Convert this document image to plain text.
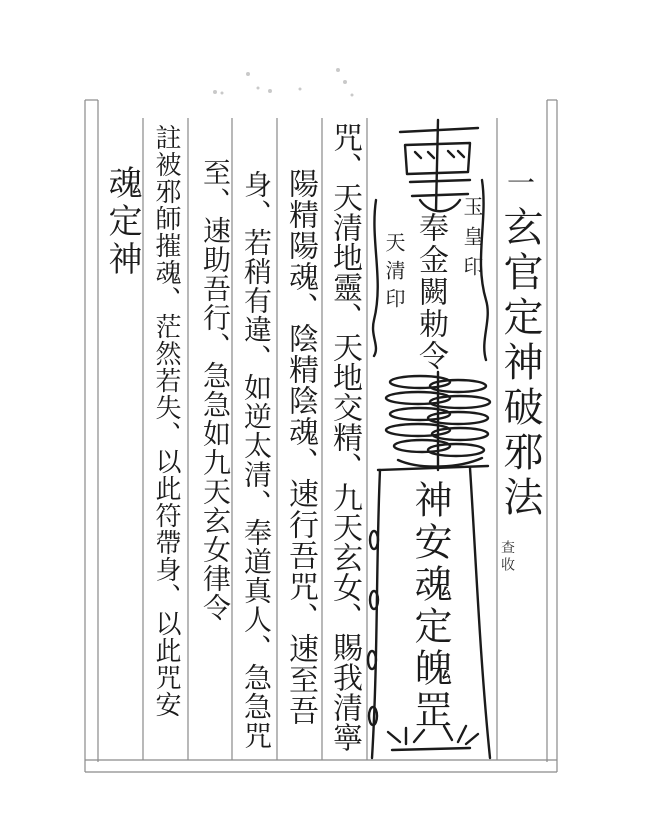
一
玄官定神破邪法
查收
玉皇印
奉金闕勅令
天清印
神安魂定魄
罡
咒、天清地靈、天地交精、九天玄女、賜我清寧
陽精陽魂、陰精陰魂、速行吾咒、速至吾
身、若稍有違、如逆太清、奉道真人、急急咒
至、速助吾行、急急如九天玄女律令
註被邪師摧魂、茫然若失、以此符帶身、以此咒安
魂定神
